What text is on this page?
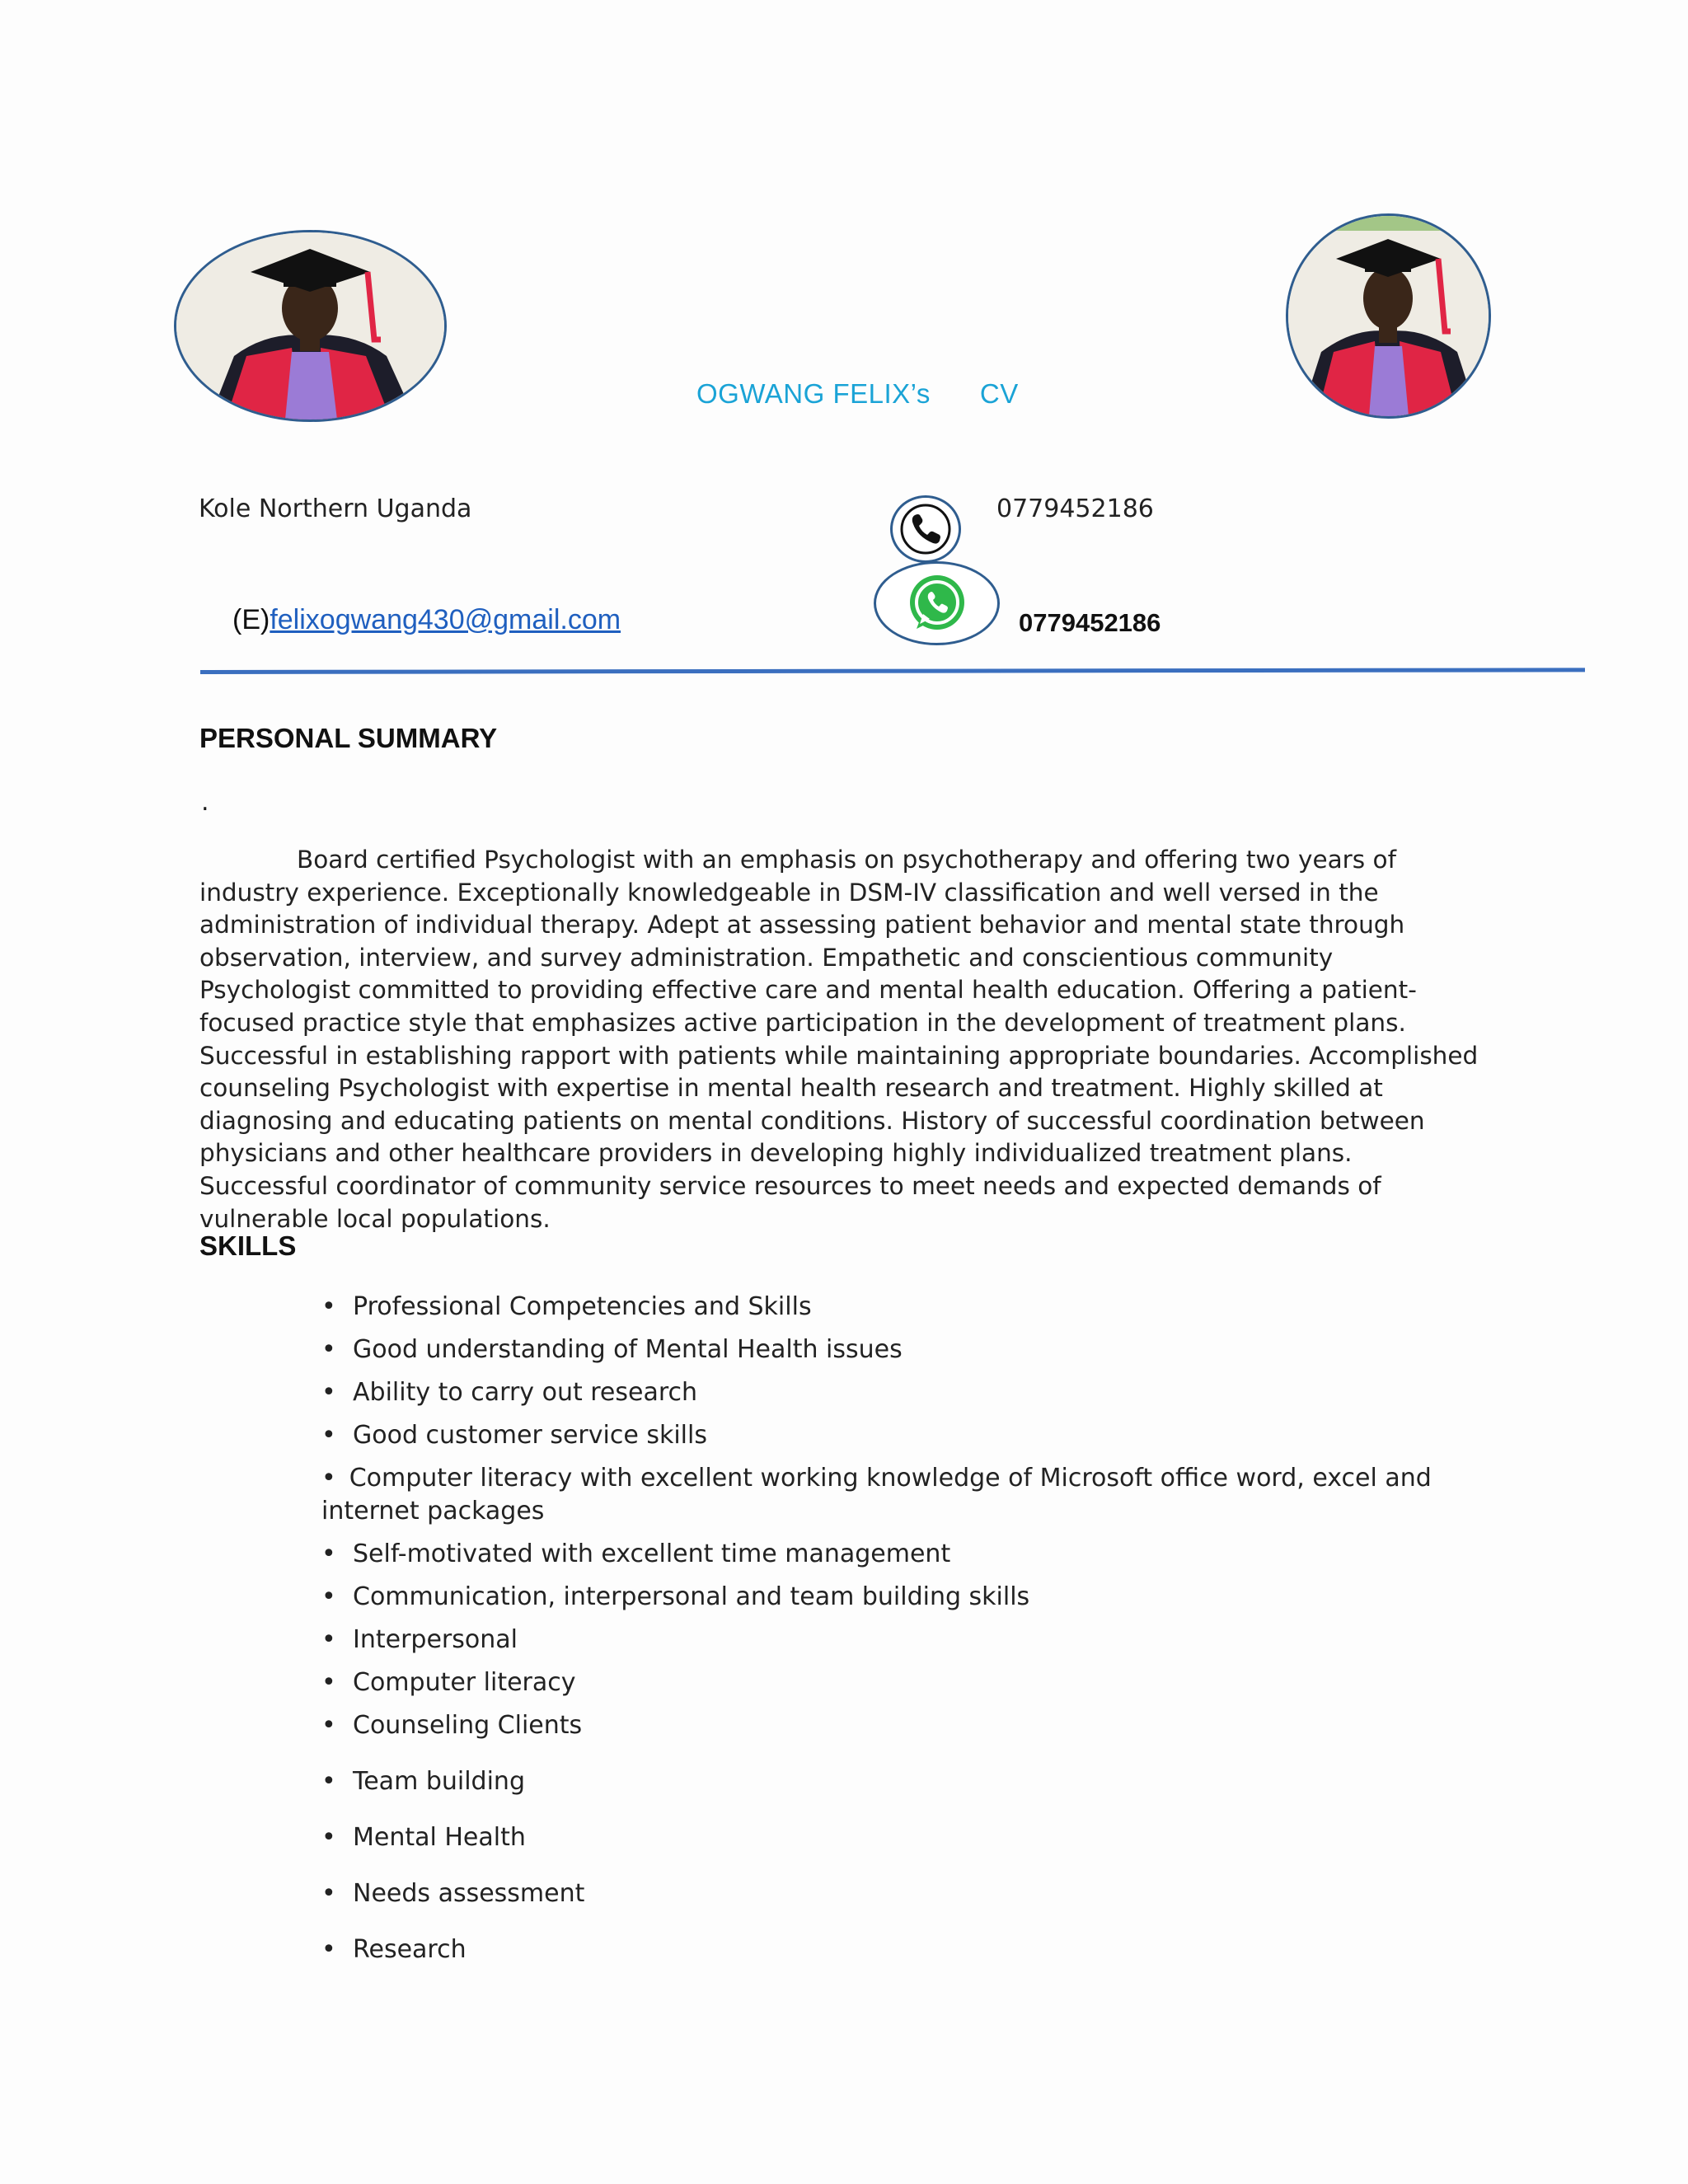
OGWANG FELIX’s CV
Kole Northern Uganda	0779452186
(E)felixogwang430@gmail.com	0779452186
PERSONAL SUMMARY
.

Board certified Psychologist with an emphasis on psychotherapy and offering two years of industry experience. Exceptionally knowledgeable in DSM-IV classification and well versed in the administration of individual therapy. Adept at assessing patient behavior and mental state through observation, interview, and survey administration. Empathetic and conscientious community Psychologist committed to providing effective care and mental health education. Offering a patient-focused practice style that emphasizes active participation in the development of treatment plans. Successful in establishing rapport with patients while maintaining appropriate boundaries. Accomplished counseling Psychologist with expertise in mental health research and treatment. Highly skilled at diagnosing and educating patients on mental conditions. History of successful coordination between physicians and other healthcare providers in developing highly individualized treatment plans. Successful coordinator of community service resources to meet needs and expected demands of vulnerable local populations.

SKILLS
• Professional Competencies and Skills
• Good understanding of Mental Health issues
• Ability to carry out research
• Good customer service skills
• Computer literacy with excellent working knowledge of Microsoft office word, excel and internet packages
• Self-motivated with excellent time management
• Communication, interpersonal and team building skills
• Interpersonal
• Computer literacy
• Counseling Clients
• Team building
• Mental Health
• Needs assessment
• Research
